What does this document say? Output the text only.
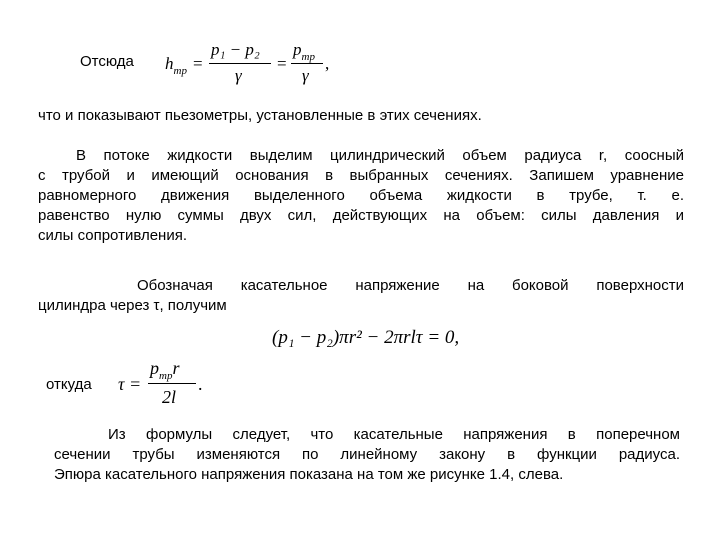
Отсюда $h_{тр}$ =
p₁ − p₂
γ
=
$p_{тр}$
γ
,
что и показывают пьезометры, установленные в этих сечениях.
В потоке жидкости выделим цилиндрический объем радиуса r, соосный
с трубой и имеющий основания в выбранных сечениях. Запишем уравнение
равномерного движения выделенного объема жидкости в трубе, т. е.
равенство нулю суммы двух сил, действующих на объем: силы давления и
силы сопротивления.
Обозначая касательное напряжение на боковой поверхности
цилиндра через τ, получим
(p₁ − p₂)πr² − 2πrlτ = 0,
откуда τ =
$p_{тр}r$
2l
.
Из формулы следует, что касательные напряжения в поперечном
сечении трубы изменяются по линейному закону в функции радиуса.
Эпюра касательного напряжения показана на том же рисунке 1.4, слева.
